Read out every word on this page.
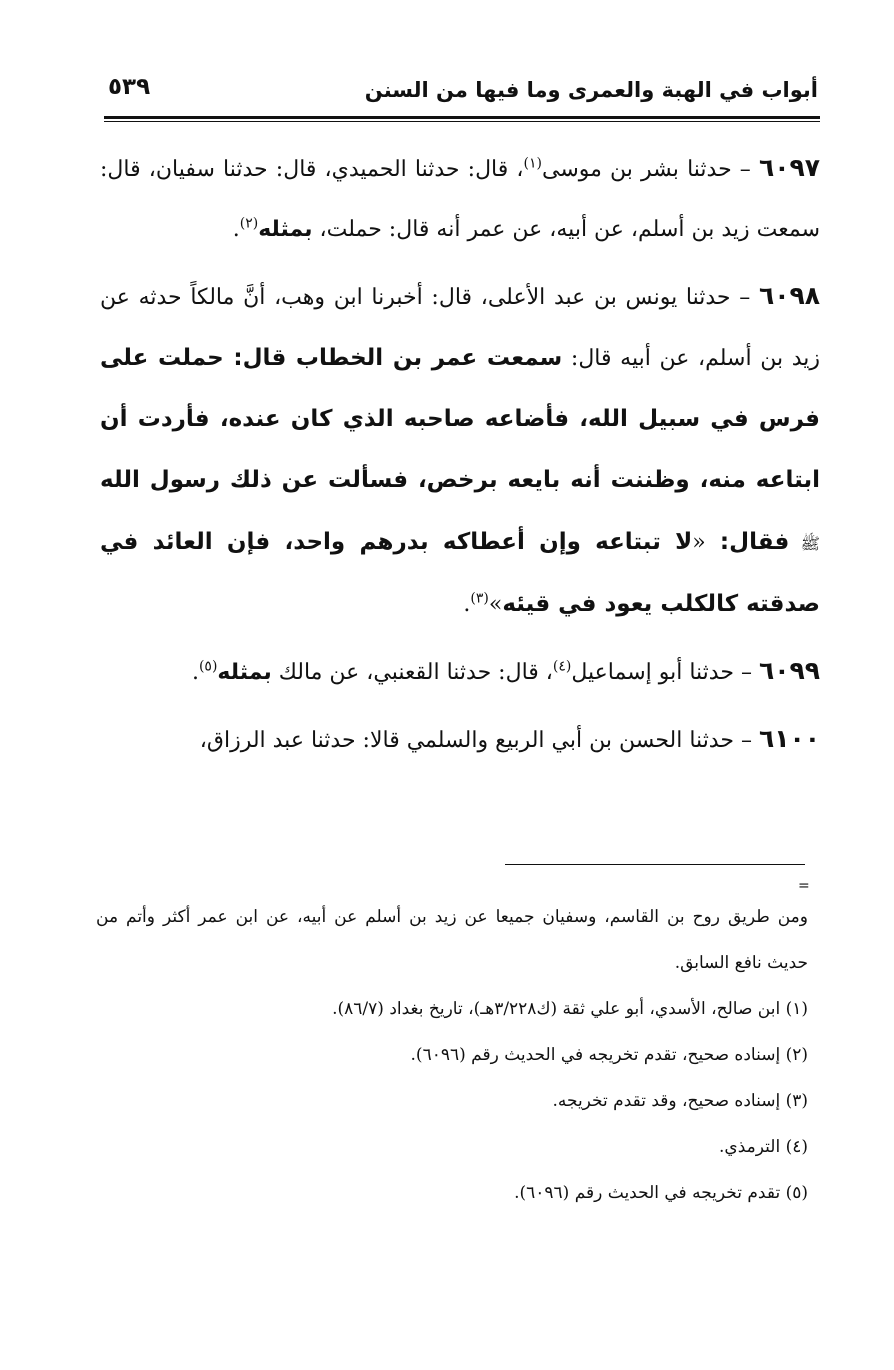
أبواب في الهبة والعمرى وما فيها من السنن
٥٣٩

٦٠٩٧ – حدثنا بشر بن موسى$^{(١)}$، قال: حدثنا الحميدي، قال: حدثنا سفيان، قال: سمعت زيد بن أسلم، عن أبيه، عن عمر أنه قال: حملت، بمثله$^{(٢)}$.

٦٠٩٨ – حدثنا يونس بن عبد الأعلى، قال: أخبرنا ابن وهب، أنَّ مالكاً حدثه عن زيد بن أسلم، عن أبيه قال: سمعت عمر بن الخطاب قال: حملت على فرس في سبيل الله، فأضاعه صاحبه الذي كان عنده، فأردت أن ابتاعه منه، وظننت أنه بايعه برخص، فسألت عن ذلك رسول الله ﷺ فقال: «لا تبتاعه وإن أعطاكه بدرهم واحد، فإن العائد في صدقته كالكلب يعود في قيئه»$^{(٣)}$.

٦٠٩٩ – حدثنا أبو إسماعيل$^{(٤)}$، قال: حدثنا القعنبي، عن مالك بمثله$^{(٥)}$.

٦١٠٠ – حدثنا الحسن بن أبي الربيع والسلمي قالا: حدثنا عبد الرزاق،

=

ومن طريق روح بن القاسم، وسفيان جميعا عن زيد بن أسلم عن أبيه، عن ابن عمر أكثر وأتم من حديث نافع السابق.

(١) ابن صالح، الأسدي، أبو علي ثقة (ك٣/٢٢٨هـ)، تاريخ بغداد (٨٦/٧).

(٢) إسناده صحيح، تقدم تخريجه في الحديث رقم (٦٠٩٦).

(٣) إسناده صحيح، وقد تقدم تخريجه.

(٤) الترمذي.

(٥) تقدم تخريجه في الحديث رقم (٦٠٩٦).
